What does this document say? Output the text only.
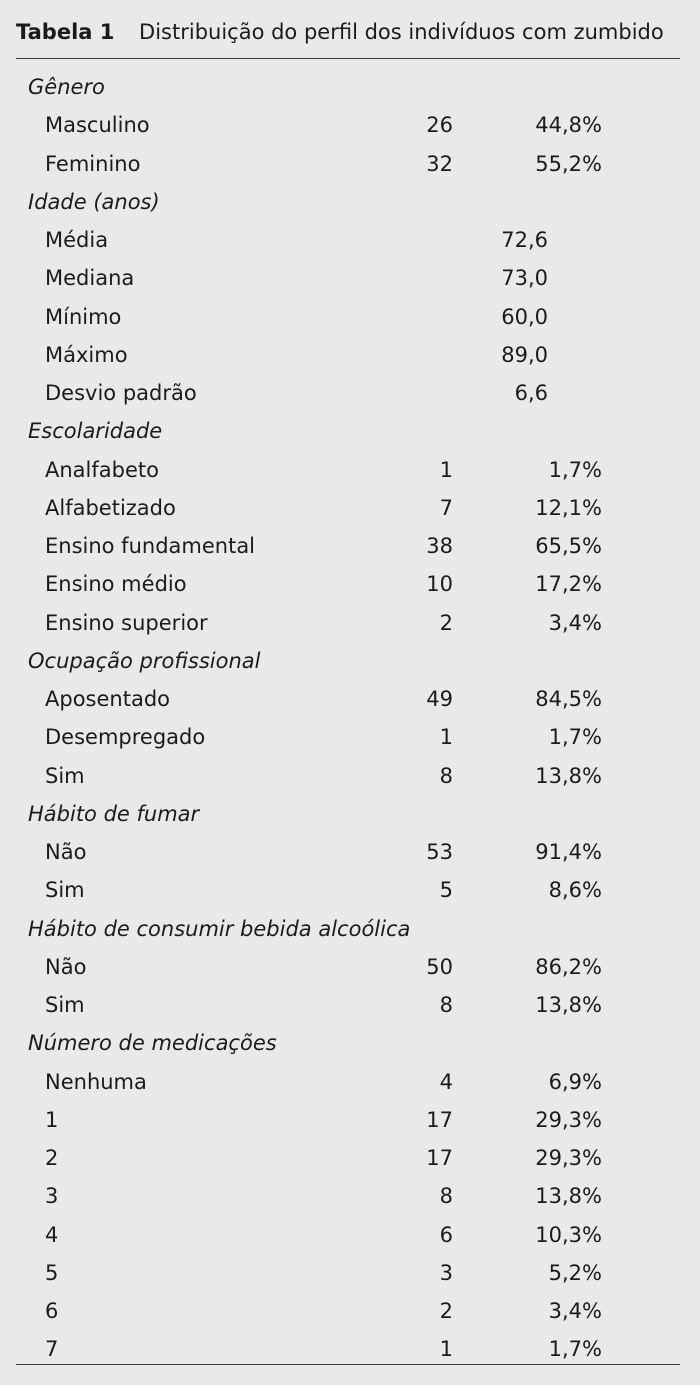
Tabela 1 Distribuição do perfil dos indivíduos com zumbido
Gênero
Masculino	26	44,8%
Feminino	32	55,2%
Idade (anos)
Média	72,6
Mediana	73,0
Mínimo	60,0
Máximo	89,0
Desvio padrão	6,6
Escolaridade
Analfabeto	1	1,7%
Alfabetizado	7	12,1%
Ensino fundamental	38	65,5%
Ensino médio	10	17,2%
Ensino superior	2	3,4%
Ocupação profissional
Aposentado	49	84,5%
Desempregado	1	1,7%
Sim	8	13,8%
Hábito de fumar
Não	53	91,4%
Sim	5	8,6%
Hábito de consumir bebida alcoólica
Não	50	86,2%
Sim	8	13,8%
Número de medicações
Nenhuma	4	6,9%
1	17	29,3%
2	17	29,3%
3	8	13,8%
4	6	10,3%
5	3	5,2%
6	2	3,4%
7	1	1,7%
